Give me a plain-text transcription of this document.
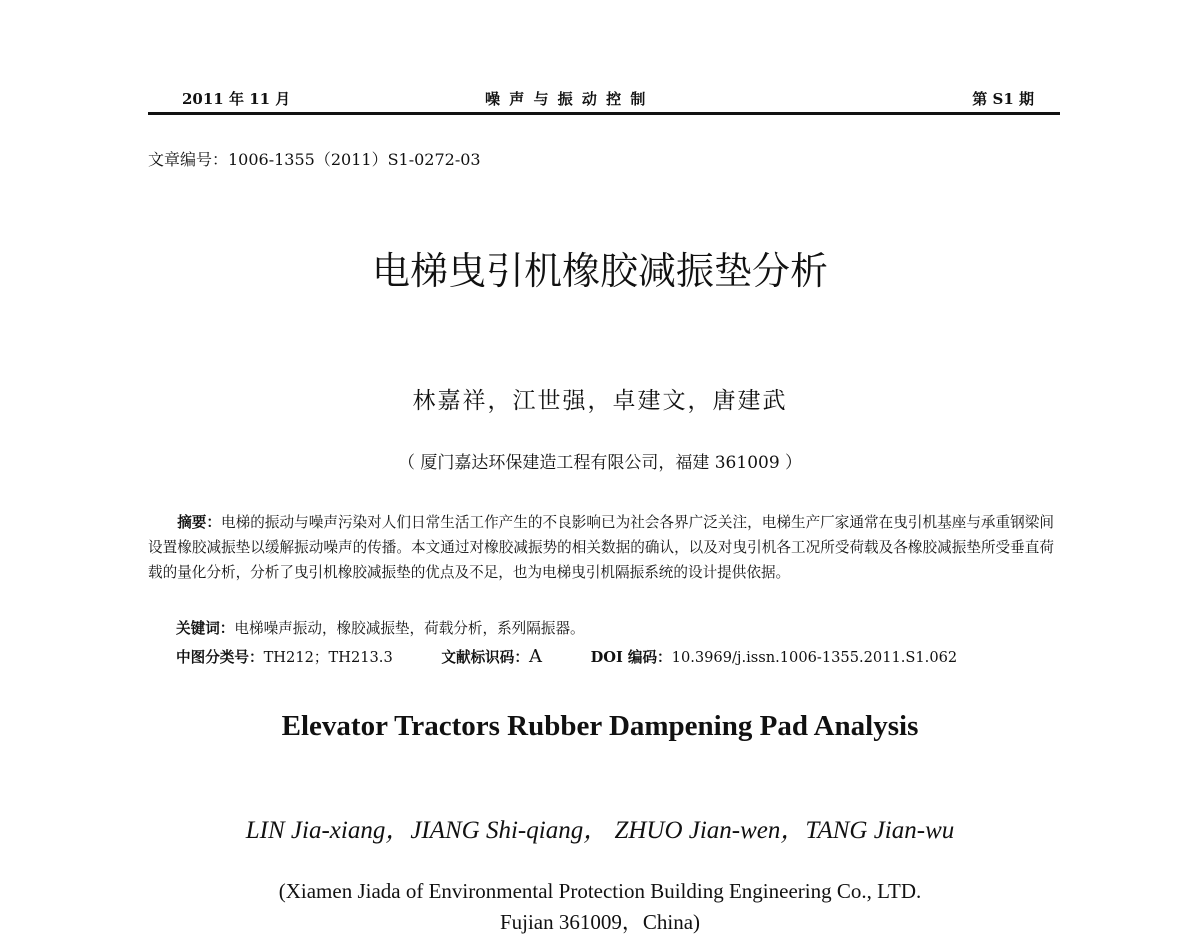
2011 年 11 月	噪 声 与 振 动 控 制	第 S1 期
文章编号：1006-1355（2011）S1-0272-03
电梯曳引机橡胶减振垫分析
林嘉祥，江世强，卓建文，唐建武
（ 厦门嘉达环保建造工程有限公司，福建 361009 ）
摘要：电梯的振动与噪声污染对人们日常生活工作产生的不良影响已为社会各界广泛关注，电梯生产厂家通常在曳引机基座与承重钢梁间设置橡胶减振垫以缓解振动噪声的传播。本文通过对橡胶减振势的相关数据的确认，以及对曳引机各工况所受荷载及各橡胶减振垫所受垂直荷载的量化分析，分析了曳引机橡胶减振垫的优点及不足，也为电梯曳引机隔振系统的设计提供依据。
关键词：电梯噪声振动，橡胶减振垫，荷载分析，系列隔振器。
中图分类号：TH212；TH213.3	文献标识码：A	DOI 编码：10.3969/j.issn.1006-1355.2011.S1.062
Elevator Tractors Rubber Dampening Pad Analysis
LIN Jia-xiang，JIANG Shi-qiang， ZHUO Jian-wen，TANG Jian-wu
(Xiamen Jiada of Environmental Protection Building Engineering Co., LTD.
Fujian 361009，China)
